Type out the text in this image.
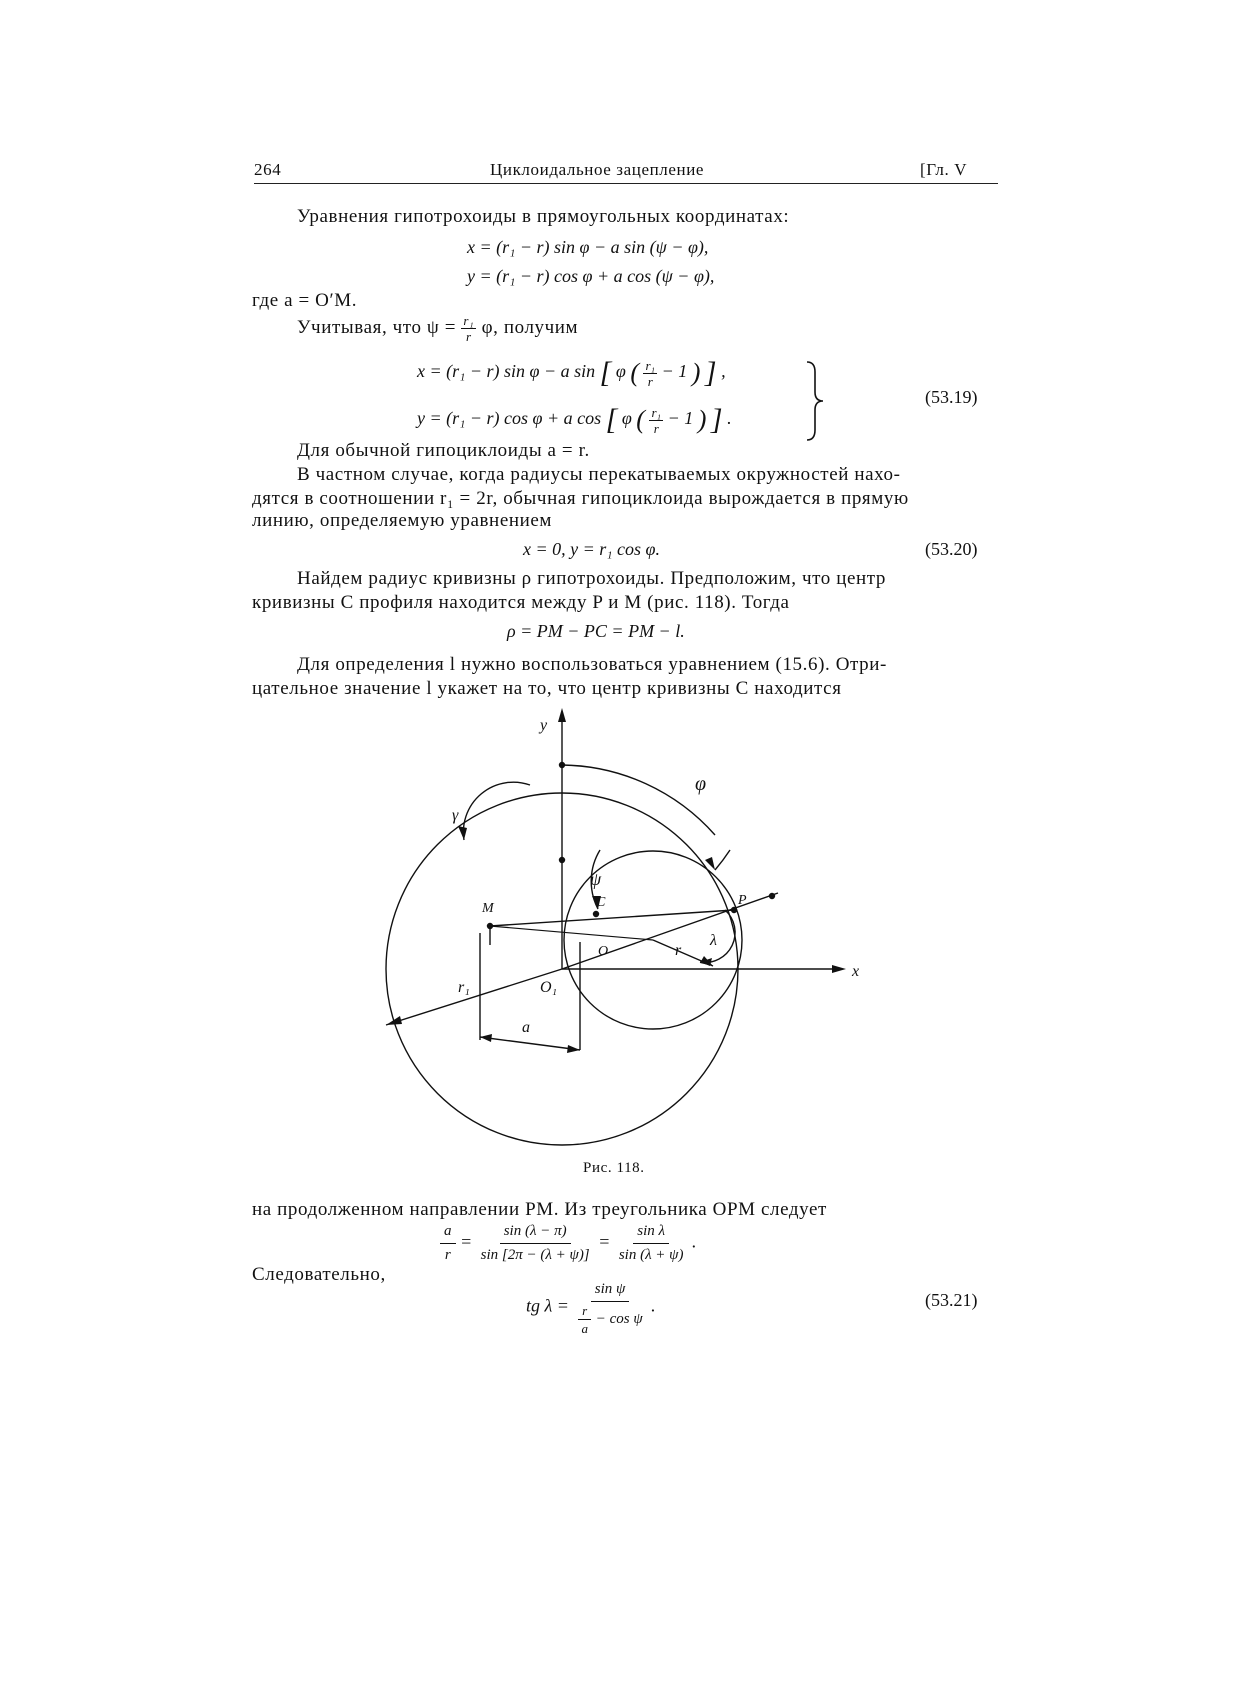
264	Циклоидальное зацепление	[Гл. V
Уравнения гипотрохоиды в прямоугольных координатах:
x = (r₁ − r) sin φ − a sin (ψ − φ),
y = (r₁ − r) cos φ + a cos (ψ − φ),
где a = O′M.
Учитывая, что $\psi = \frac{\text{r₁}}{r} \varphi$, получим
x = (r₁ − r) sin φ − a sin [ φ ( $\frac{\text{r₁}}{r} - 1$ ) ] ,
y = (r₁ − r) cos φ + a cos [ φ ( $\frac{\text{r₁}}{r} - 1$ ) ] .
(53.19)
Для обычной гипоциклоиды a = r.
В частном случае, когда радиусы перекатываемых окружностей нахо-
дятся в соотношении r₁ = 2r, обычная гипоциклоида вырождается в прямую
линию, определяемую уравнением
x = 0, y = r₁ cos φ.	(53.20)
Найдем радиус кривизны ρ гипотрохоиды. Предположим, что центр
кривизны C профиля находится между P и M (рис. 118). Тогда
ρ = PM − PC = PM − l.
Для определения l нужно воспользоваться уравнением (15.6). Отри-
цательное значение l укажет на то, что центр кривизны C находится
y
x
φ
γ
ψ
C	P
M
O	r
λ
r₁	O₁
a
Рис. 118.
на продолженном направлении PM. Из треугольника OPM следует
$\frac{a}{r} = \frac{\sin (\lambda - \pi)}{\sin [2\pi - (\lambda + \psi)]} = \frac{\text{sin λ}}{\sin (\lambda + \psi)}$ .
Следовательно,
tg $\lambda = \frac{\text{sin ψ}}{\frac{r}{a} - \cos \psi}$ .	(53.21)
